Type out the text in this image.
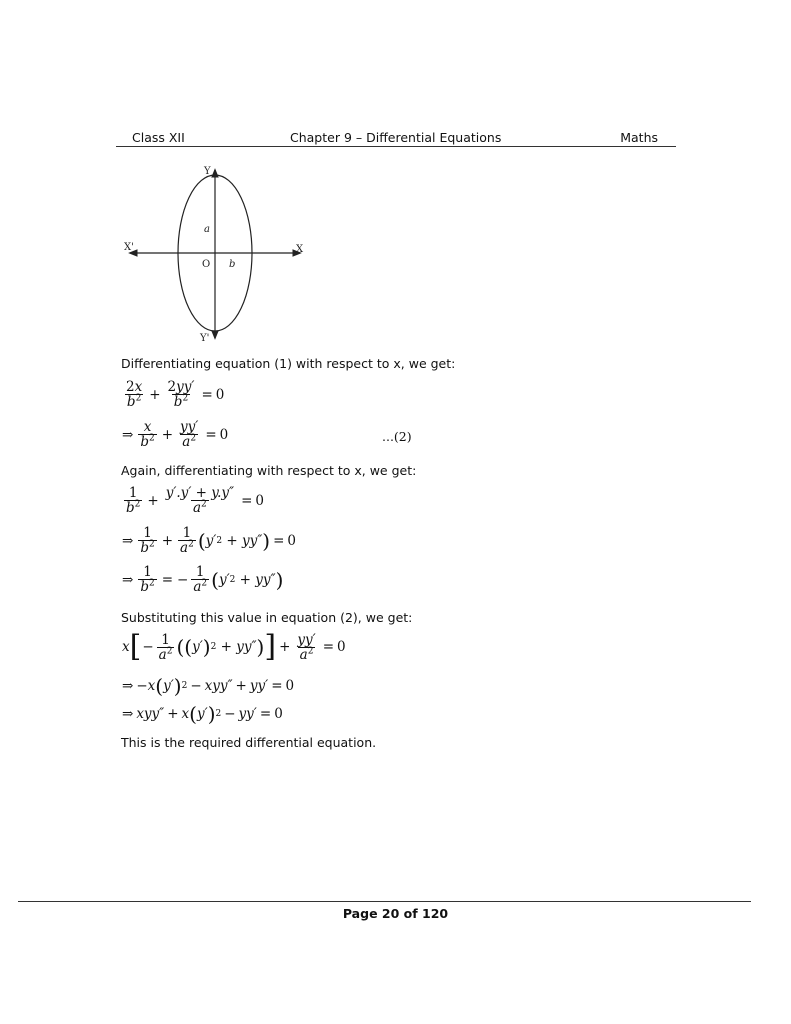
Class XII	Chapter 9 – Differential Equations	Maths
Y
Y'
X
X'
O
a
b
Differentiating equation (1) with respect to x, we get:
$\frac{2x}{b^2} + \frac{2yy'}{b^2} = 0$
⇒ $\frac{x}{b^2} + \frac{yy'}{a^2} = 0$	...(2)
Again, differentiating with respect to x, we get:
$\frac{1}{b^2} + \frac{y'.y' + y.y''}{a^2} = 0$
⇒ $\frac{1}{b^2} + \frac{1}{a^2}$ ( y′ 2
+ yy″ ) = 0
⇒ $\frac{1}{b^2}$ = − $\frac{1}{a^2}$ ( y′ 2
+ yy″ )
Substituting this value in equation (2), we get:
x [ − $\frac{1}{a^2}$ ( ( y′ ) 2
+ yy″ ) ] + $\frac{yy'}{a^2} = 0$
⇒ − x ( y′ ) 2 − xyy″ + yy′ = 0
⇒ xyy″ + x ( y′ ) 2 − yy′ = 0
This is the required differential equation.
Page 20 of 120
